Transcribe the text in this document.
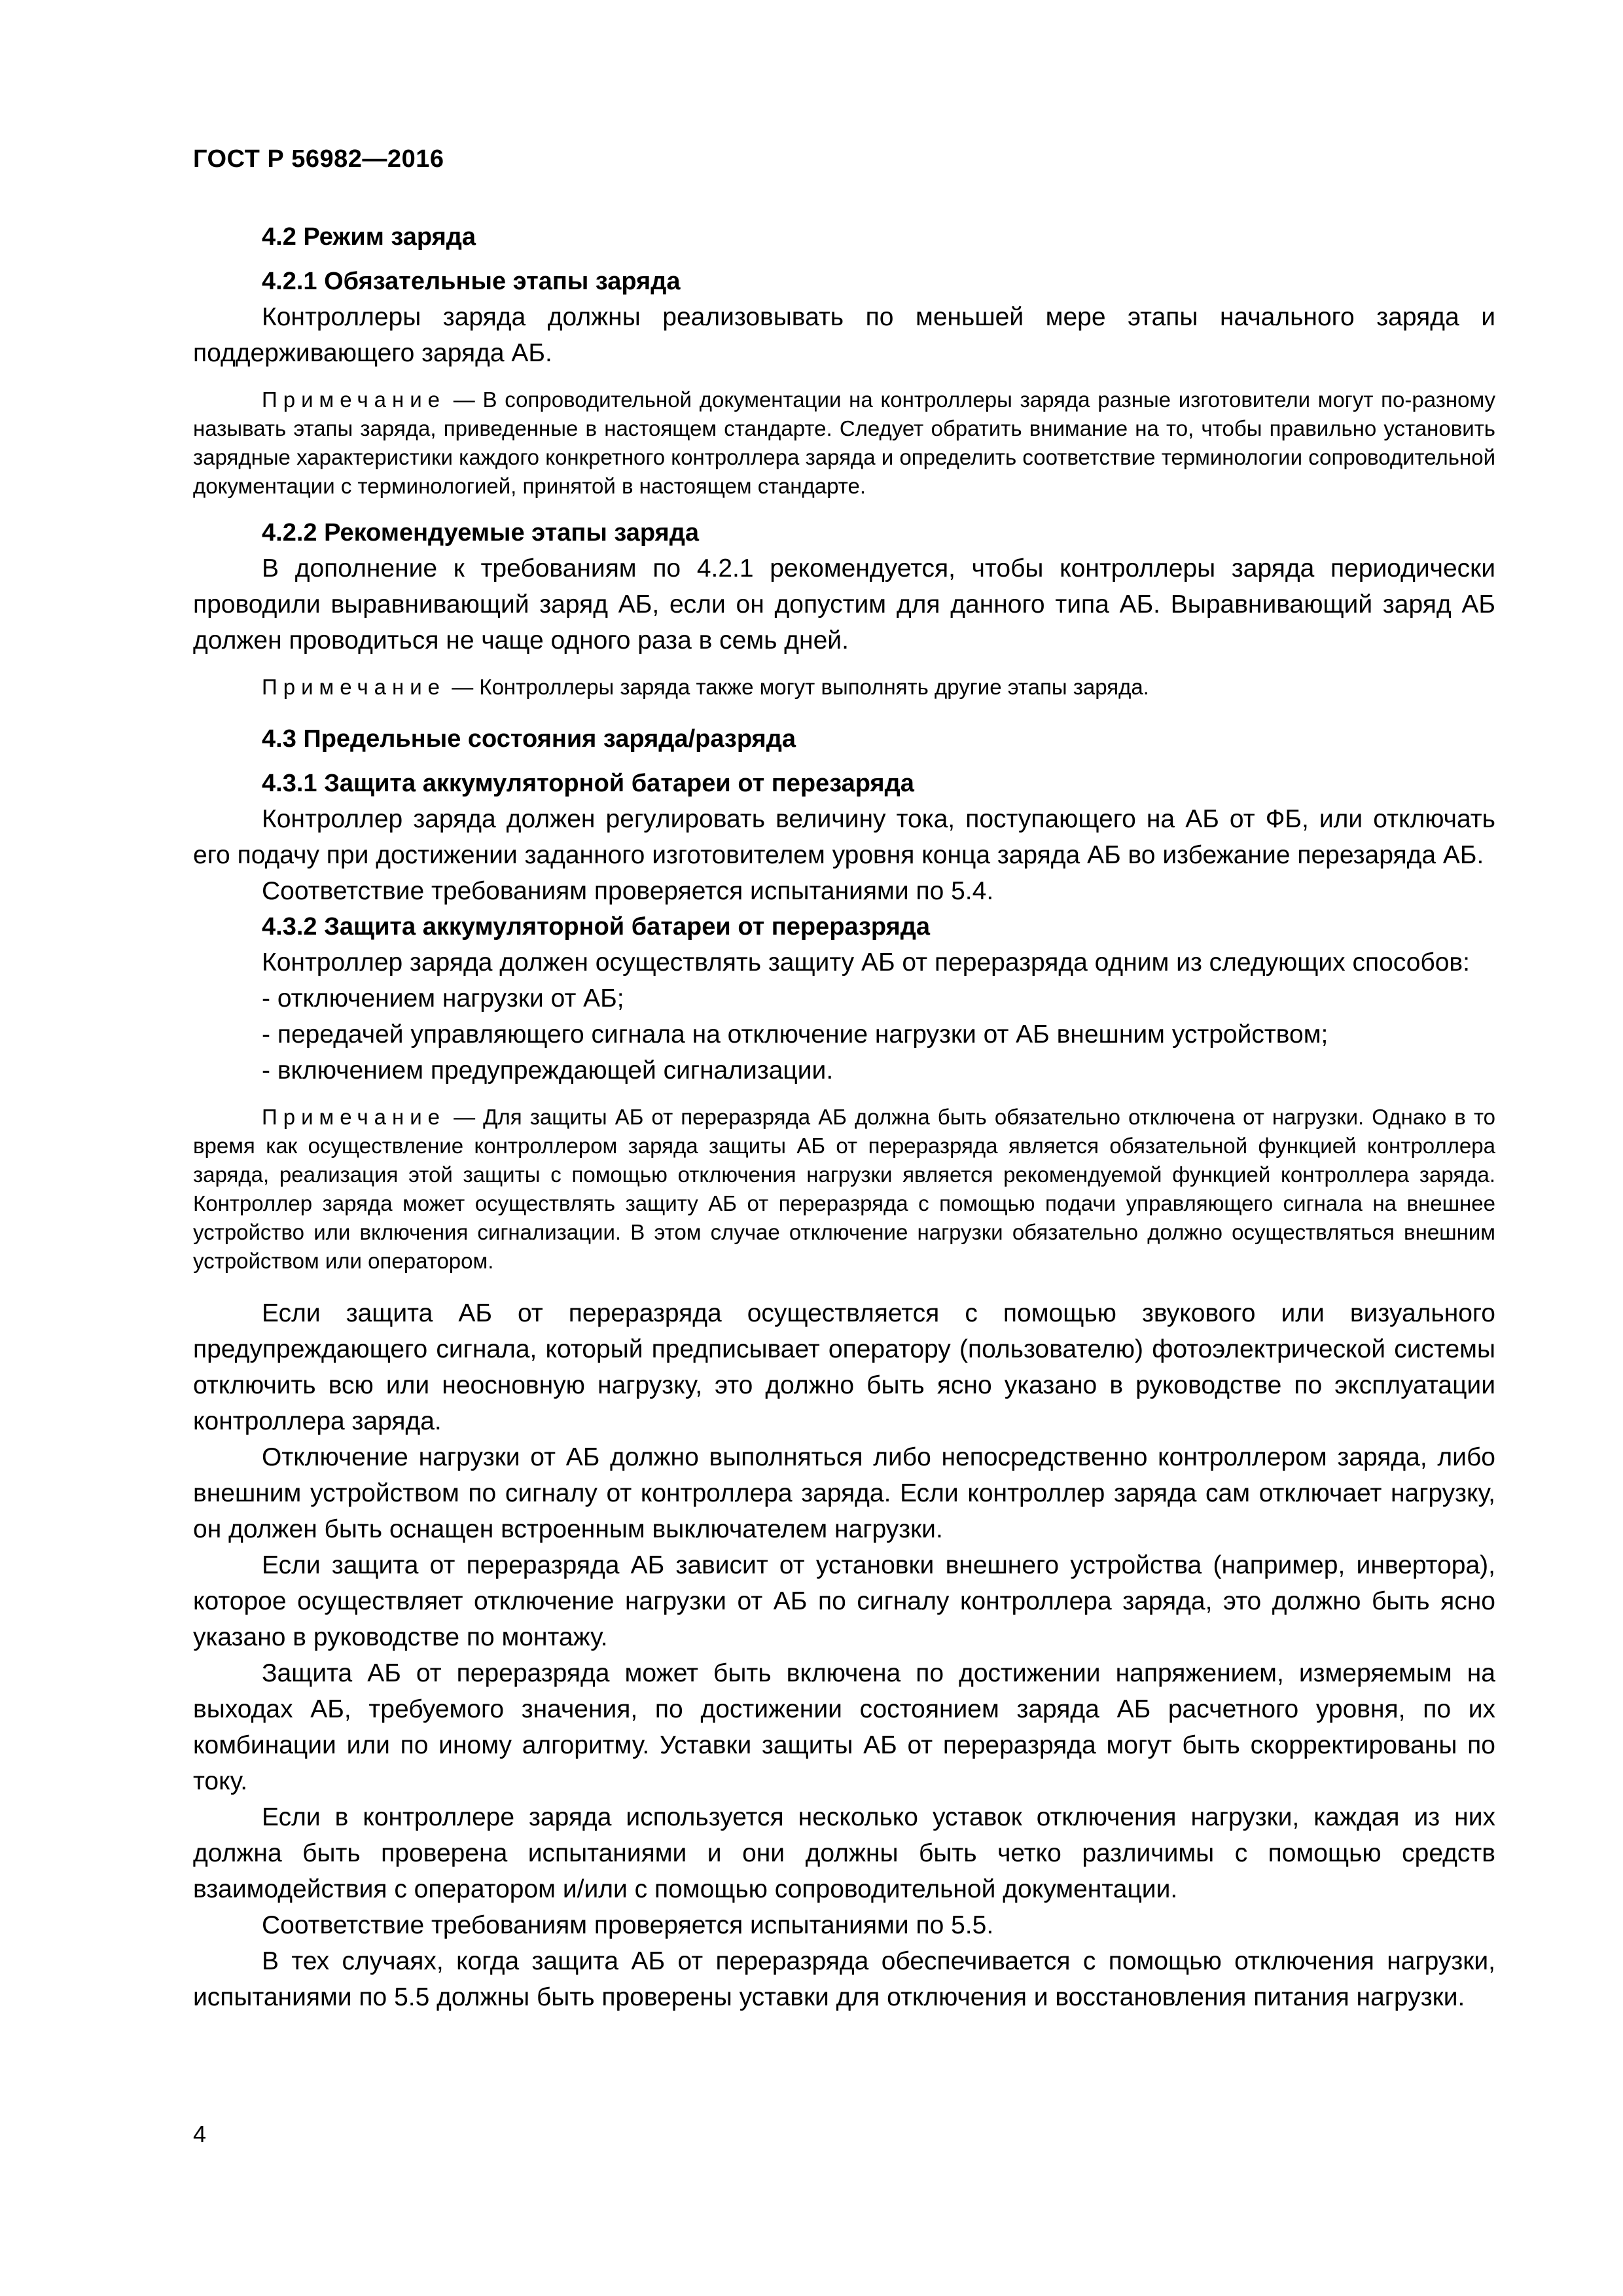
ГОСТ Р 56982—2016

4.2 Режим заряда

4.2.1 Обязательные этапы заряда

Контроллеры заряда должны реализовывать по меньшей мере этапы начального заряда и поддерживающего заряда АБ.

Примечание — В сопроводительной документации на контроллеры заряда разные изготовители могут по-разному называть этапы заряда, приведенные в настоящем стандарте. Следует обратить внимание на то, чтобы правильно установить зарядные характеристики каждого конкретного контроллера заряда и определить соответствие терминологии сопроводительной документации с терминологией, принятой в настоящем стандарте.

4.2.2 Рекомендуемые этапы заряда

В дополнение к требованиям по 4.2.1 рекомендуется, чтобы контроллеры заряда периодически проводили выравнивающий заряд АБ, если он допустим для данного типа АБ. Выравнивающий заряд АБ должен проводиться не чаще одного раза в семь дней.

Примечание — Контроллеры заряда также могут выполнять другие этапы заряда.

4.3 Предельные состояния заряда/разряда

4.3.1 Защита аккумуляторной батареи от перезаряда

Контроллер заряда должен регулировать величину тока, поступающего на АБ от ФБ, или отключать его подачу при достижении заданного изготовителем уровня конца заряда АБ во избежание перезаряда АБ.

Соответствие требованиям проверяется испытаниями по 5.4.

4.3.2 Защита аккумуляторной батареи от переразряда

Контроллер заряда должен осуществлять защиту АБ от переразряда одним из следующих способов:

- отключением нагрузки от АБ;

- передачей управляющего сигнала на отключение нагрузки от АБ внешним устройством;

- включением предупреждающей сигнализации.

Примечание — Для защиты АБ от переразряда АБ должна быть обязательно отключена от нагрузки. Однако в то время как осуществление контроллером заряда защиты АБ от переразряда является обязательной функцией контроллера заряда, реализация этой защиты с помощью отключения нагрузки является рекомендуемой функцией контроллера заряда. Контроллер заряда может осуществлять защиту АБ от переразряда с помощью подачи управляющего сигнала на внешнее устройство или включения сигнализации. В этом случае отключение нагрузки обязательно должно осуществляться внешним устройством или оператором.

Если защита АБ от переразряда осуществляется с помощью звукового или визуального предупреждающего сигнала, который предписывает оператору (пользователю) фотоэлектрической системы отключить всю или неосновную нагрузку, это должно быть ясно указано в руководстве по эксплуатации контроллера заряда.

Отключение нагрузки от АБ должно выполняться либо непосредственно контроллером заряда, либо внешним устройством по сигналу от контроллера заряда. Если контроллер заряда сам отключает нагрузку, он должен быть оснащен встроенным выключателем нагрузки.

Если защита от переразряда АБ зависит от установки внешнего устройства (например, инвертора), которое осуществляет отключение нагрузки от АБ по сигналу контроллера заряда, это должно быть ясно указано в руководстве по монтажу.

Защита АБ от переразряда может быть включена по достижении напряжением, измеряемым на выходах АБ, требуемого значения, по достижении состоянием заряда АБ расчетного уровня, по их комбинации или по иному алгоритму. Уставки защиты АБ от переразряда могут быть скорректированы по току.

Если в контроллере заряда используется несколько уставок отключения нагрузки, каждая из них должна быть проверена испытаниями и они должны быть четко различимы с помощью средств взаимодействия с оператором и/или с помощью сопроводительной документации.

Соответствие требованиям проверяется испытаниями по 5.5.

В тех случаях, когда защита АБ от переразряда обеспечивается с помощью отключения нагрузки, испытаниями по 5.5 должны быть проверены уставки для отключения и восстановления питания нагрузки.

4
